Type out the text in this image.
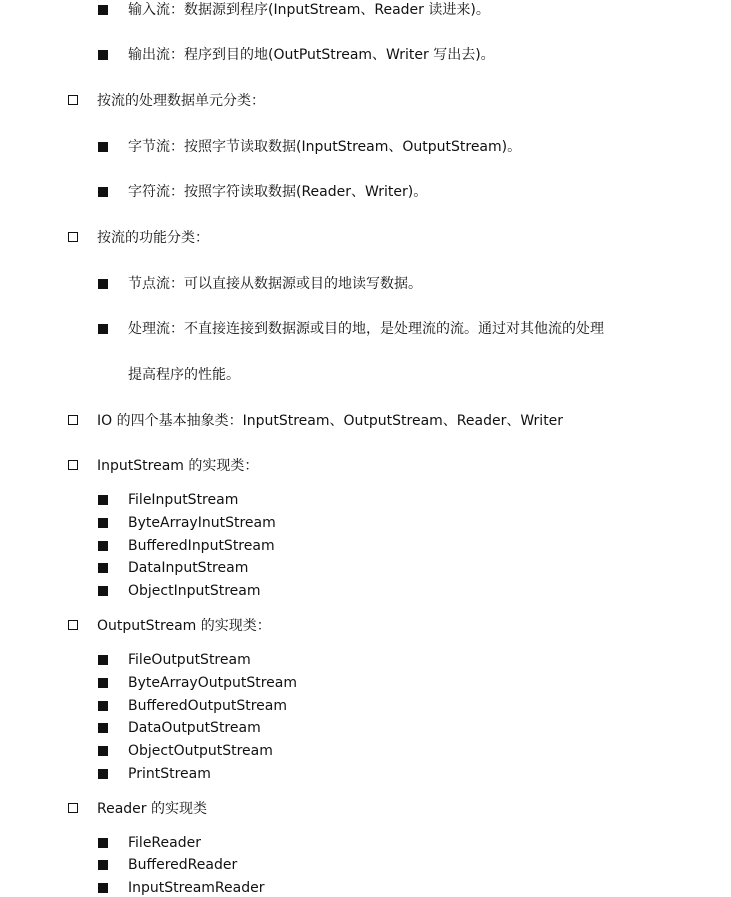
输入流：数据源到程序(InputStream、Reader 读进来)。
输出流：程序到目的地(OutPutStream、Writer 写出去)。
按流的处理数据单元分类：
字节流：按照字节读取数据(InputStream、OutputStream)。
字符流：按照字符读取数据(Reader、Writer)。
按流的功能分类：
节点流：可以直接从数据源或目的地读写数据。
处理流：不直接连接到数据源或目的地，是处理流的流。通过对其他流的处理
提高程序的性能。
IO 的四个基本抽象类：InputStream、OutputStream、Reader、Writer
InputStream 的实现类：
FileInputStream
ByteArrayInutStream
BufferedInputStream
DataInputStream
ObjectInputStream
OutputStream 的实现类：
FileOutputStream
ByteArrayOutputStream
BufferedOutputStream
DataOutputStream
ObjectOutputStream
PrintStream
Reader 的实现类
FileReader
BufferedReader
InputStreamReader
